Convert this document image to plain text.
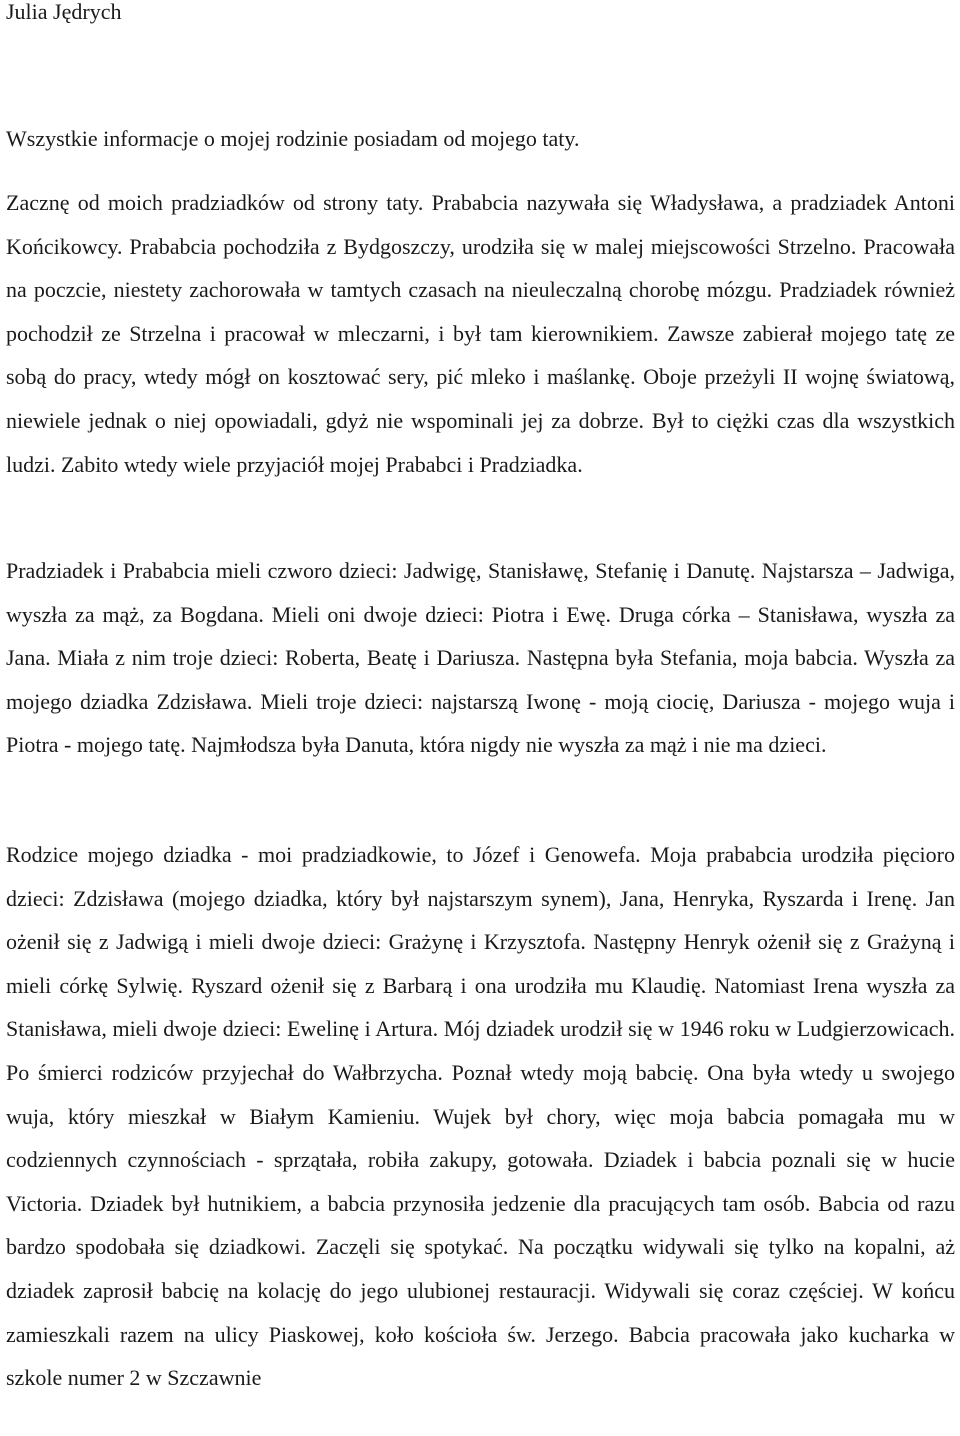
Julia Jędrych

Wszystkie informacje o mojej rodzinie posiadam od mojego taty.

Zacznę od moich pradziadków od strony taty. Prababcia nazywała się Władysława, a pradziadek Antoni Końcikowcy. Prababcia pochodziła z Bydgoszczy, urodziła się w malej miejscowości Strzelno. Pracowała na poczcie, niestety zachorowała w tamtych czasach na nieuleczalną chorobę mózgu. Pradziadek również pochodził ze Strzelna i pracował w mleczarni, i był tam kierownikiem. Zawsze zabierał mojego tatę ze sobą do pracy, wtedy mógł on kosztować sery, pić mleko i maślankę. Oboje przeżyli II wojnę światową, niewiele jednak o niej opowiadali, gdyż nie wspominali jej za dobrze. Był to ciężki czas dla wszystkich ludzi. Zabito wtedy wiele przyjaciół mojej Prababci i Pradziadka.

Pradziadek i Prababcia mieli czworo dzieci: Jadwigę, Stanisławę, Stefanię i Danutę. Najstarsza – Jadwiga, wyszła za mąż, za Bogdana. Mieli oni dwoje dzieci: Piotra i Ewę. Druga córka – Stanisława, wyszła za Jana. Miała z nim troje dzieci: Roberta, Beatę i Dariusza. Następna była Stefania, moja babcia. Wyszła za mojego dziadka Zdzisława. Mieli troje dzieci: najstarszą Iwonę - moją ciocię, Dariusza - mojego wuja i Piotra - mojego tatę. Najmłodsza była Danuta, która nigdy nie wyszła za mąż i nie ma dzieci.

Rodzice mojego dziadka - moi pradziadkowie, to Józef i Genowefa. Moja prababcia urodziła pięcioro dzieci: Zdzisława (mojego dziadka, który był najstarszym synem), Jana, Henryka, Ryszarda i Irenę. Jan ożenił się z Jadwigą i mieli dwoje dzieci: Grażynę i Krzysztofa. Następny Henryk ożenił się z Grażyną i mieli córkę Sylwię. Ryszard ożenił się z Barbarą i ona urodziła mu Klaudię. Natomiast Irena wyszła za Stanisława, mieli dwoje dzieci: Ewelinę i Artura. Mój dziadek urodził się w 1946 roku w Ludgierzowicach. Po śmierci rodziców przyjechał do Wałbrzycha. Poznał wtedy moją babcię. Ona była wtedy u swojego wuja, który mieszkał w Białym Kamieniu. Wujek był chory, więc moja babcia pomagała mu w codziennych czynnościach - sprzątała, robiła zakupy, gotowała. Dziadek i babcia poznali się w hucie Victoria. Dziadek był hutnikiem, a babcia przynosiła jedzenie dla pracujących tam osób. Babcia od razu bardzo spodobała się dziadkowi. Zaczęli się spotykać. Na początku widywali się tylko na kopalni, aż dziadek zaprosił babcię na kolację do jego ulubionej restauracji. Widywali się coraz częściej. W końcu zamieszkali razem na ulicy Piaskowej, koło kościoła św. Jerzego. Babcia pracowała jako kucharka w szkole numer 2 w Szczawnie
